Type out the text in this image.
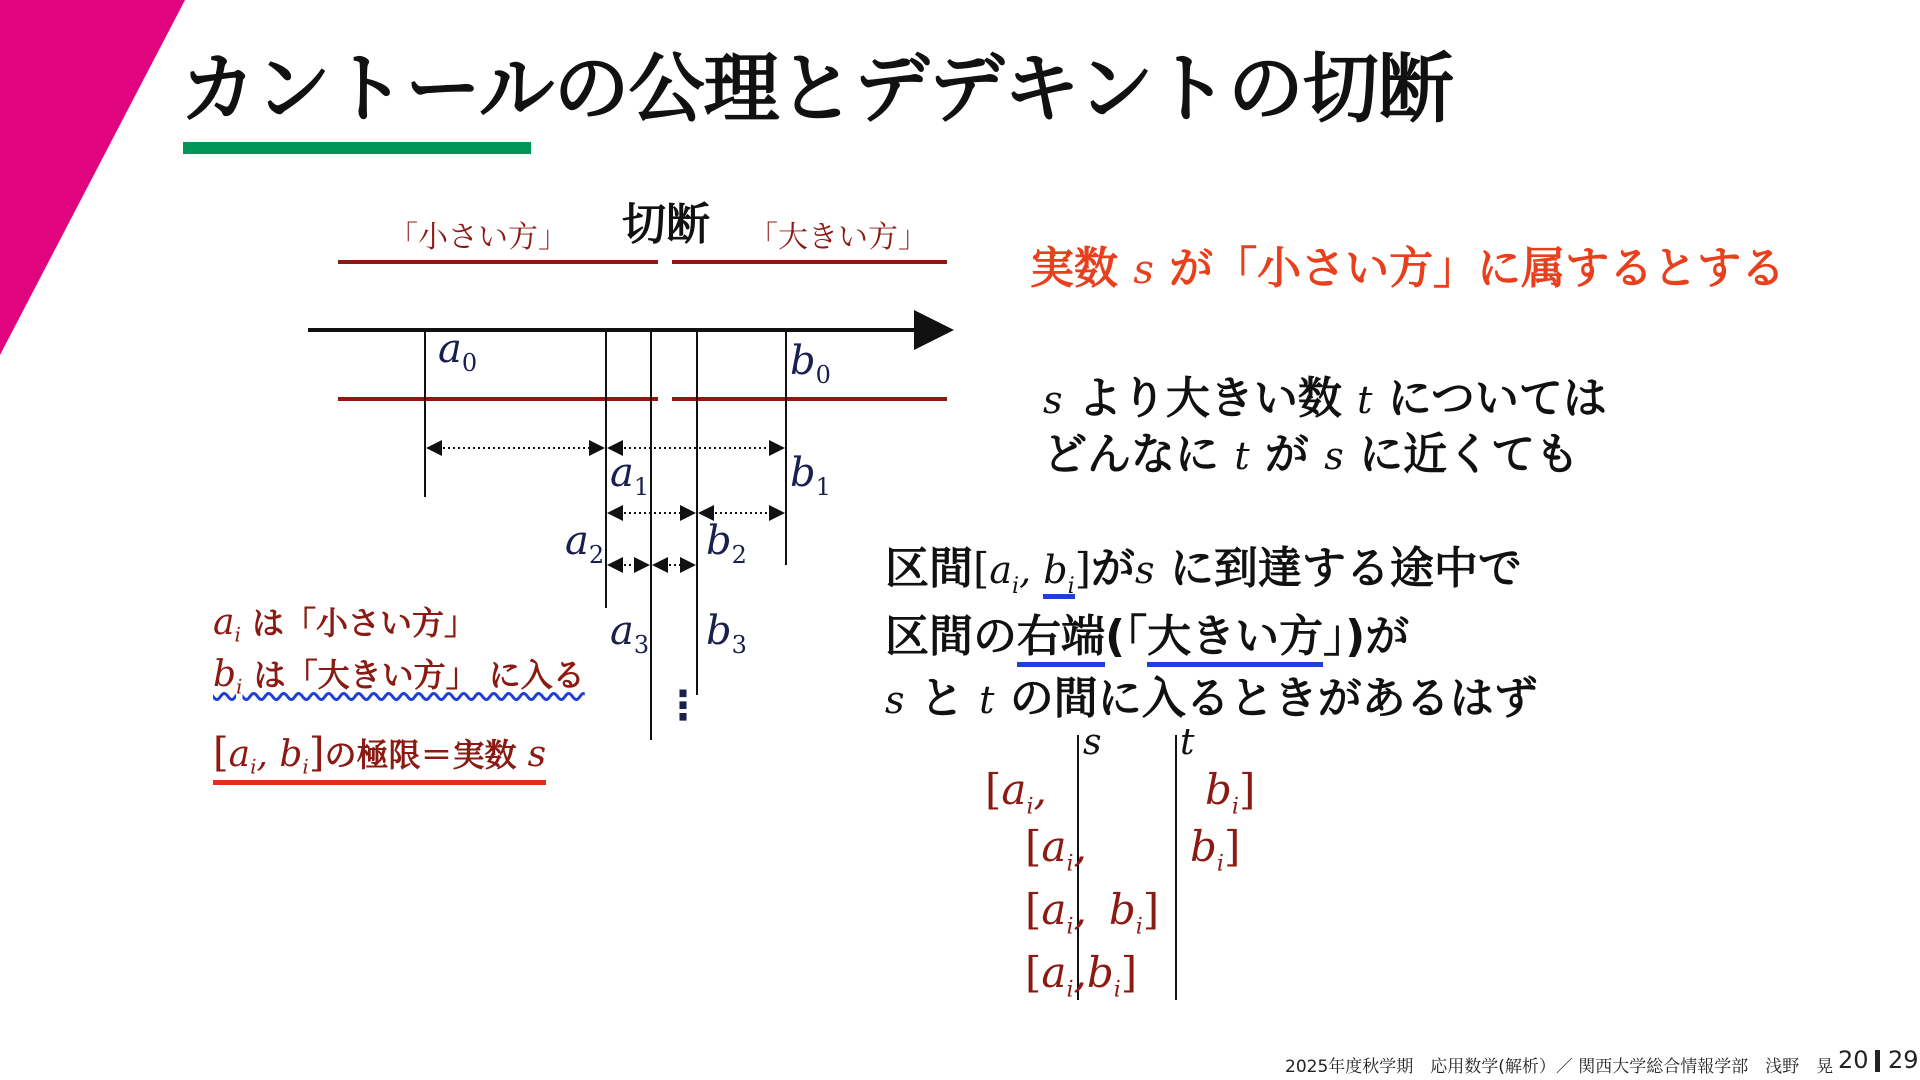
カントールの公理とデデキントの切断
「小さい方」 切断 「大きい方」
$a_0$	$b_0$
$a_1$	$b_1$
$a_2$	$b_2$
$a_3$ $b_3$
⋮
$a_i$ は「小さい方」
$b_i$ は「大きい方」 に入る
[$a_i$, $b_i$]の極限＝実数 s
実数 s が「小さい方」に属するとする
s より大きい数 t については
どんなに t が s に近くても
区間[$a_i$, $b_i$]がs に到達する途中で
区間の右端(「大きい方」)が
s と t の間に入るときがあるはず
s t
[$a_i$,	$b_i$]
[$a_i$, $b_i$]
[$a_i$, $b_i$]
$[a_i,b_i]$
2025年度秋学期　応用数学(解析）／ 関西大学総合情報学部　浅野　晃 20 29
